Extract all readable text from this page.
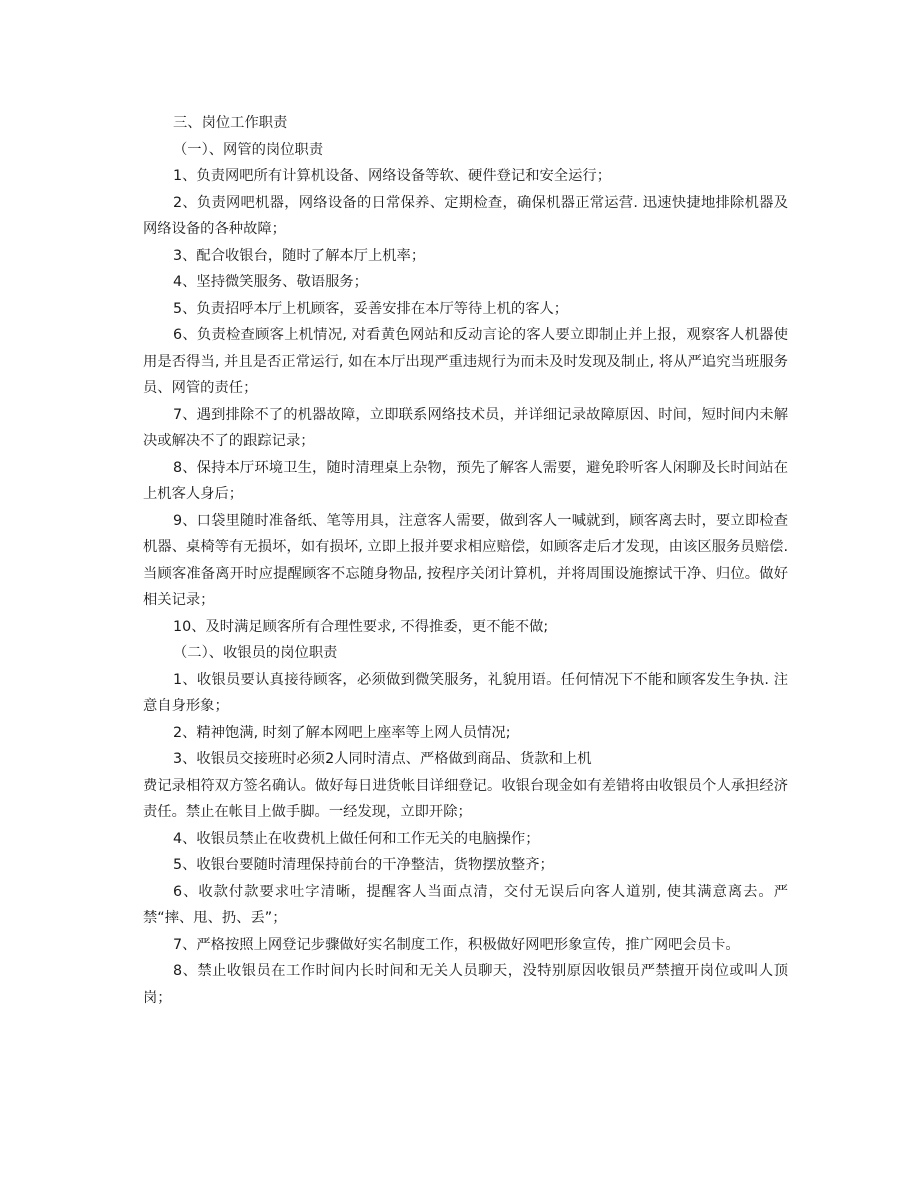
三、岗位工作职责

（一）、网管的岗位职责

1、负责网吧所有计算机设备、网络设备等软、硬件登记和安全运行；

2、负责网吧机器，网络设备的日常保养、定期检查，确保机器正常运营. 迅速快捷地排除机器及网络设备的各种故障；

3、配合收银台，随时了解本厅上机率；

4、坚持微笑服务、敬语服务；

5、负责招呼本厅上机顾客，妥善安排在本厅等待上机的客人；

6、负责检查顾客上机情况, 对看黄色网站和反动言论的客人要立即制止并上报，观察客人机器使用是否得当, 并且是否正常运行, 如在本厅出现严重违规行为而未及时发现及制止, 将从严追究当班服务员、网管的责任；

7、遇到排除不了的机器故障，立即联系网络技术员，并详细记录故障原因、时间，短时间内未解决或解决不了的跟踪记录；

8、保持本厅环境卫生，随时清理桌上杂物，预先了解客人需要，避免聆听客人闲聊及长时间站在上机客人身后；

9、口袋里随时准备纸、笔等用具，注意客人需要，做到客人一喊就到，顾客离去时，要立即检查机器、桌椅等有无损坏，如有损坏, 立即上报并要求相应赔偿，如顾客走后才发现，由该区服务员赔偿. 当顾客准备离开时应提醒顾客不忘随身物品, 按程序关闭计算机，并将周围设施擦试干净、归位。做好相关记录；

10、及时满足顾客所有合理性要求, 不得推委，更不能不做;

（二）、收银员的岗位职责

1、收银员要认真接待顾客，必须做到微笑服务，礼貌用语。任何情况下不能和顾客发生争执. 注意自身形象；

2、精神饱满, 时刻了解本网吧上座率等上网人员情况;

3、收银员交接班时必须2人同时清点、严格做到商品、货款和上机

费记录相符双方签名确认。做好每日进货帐目详细登记。收银台现金如有差错将由收银员个人承担经济责任。禁止在帐目上做手脚。一经发现，立即开除；

4、收银员禁止在收费机上做任何和工作无关的电脑操作；

5、收银台要随时清理保持前台的干净整洁，货物摆放整齐；

6、收款付款要求吐字清晰，提醒客人当面点清，交付无误后向客人道别, 使其满意离去。严禁“摔、甩、扔、丢”；

7、严格按照上网登记步骤做好实名制度工作，积极做好网吧形象宣传，推广网吧会员卡。

8、禁止收银员在工作时间内长时间和无关人员聊天，没特别原因收银员严禁擅开岗位或叫人顶岗；
